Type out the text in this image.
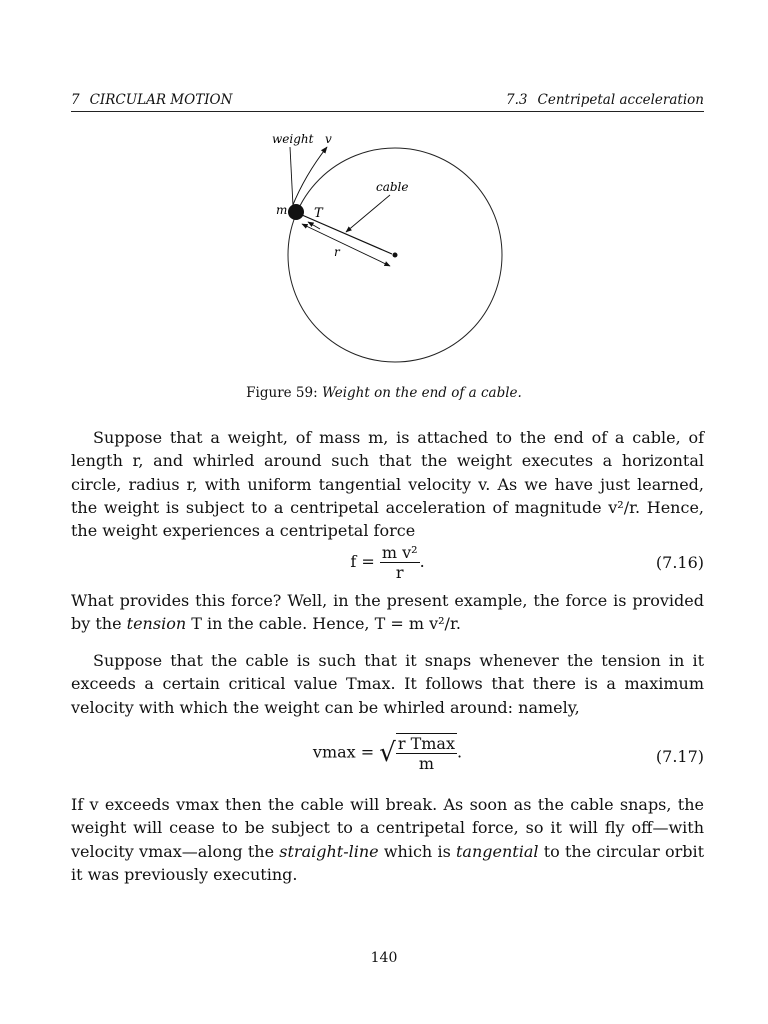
7 CIRCULAR MOTION	7.3 Centripetal acceleration
weight v
cable
m T
r
Figure 59: Weight on the end of a cable.

Suppose that a weight, of mass m, is attached to the end of a cable, of length r, and whirled around such that the weight executes a horizontal circle, radius r, with uniform tangential velocity v. As we have just learned, the weight is subject to a centripetal acceleration of magnitude v²/r. Hence, the weight experiences a centripetal force

$f = \frac{\text{m v²}}{r}$ .	(7.16)

What provides this force? Well, in the present example, the force is provided by the tension T in the cable. Hence, T = m v²/r.

Suppose that the cable is such that it snaps whenever the tension in it exceeds a certain critical value Tmax. It follows that there is a maximum velocity with which the weight can be whirled around: namely,

vmax = √ $\frac{\text{r Tmax}}{m}$ .	(7.17)

If v exceeds vmax then the cable will break. As soon as the cable snaps, the weight will cease to be subject to a centripetal force, so it will fly off—with velocity vmax—along the straight-line which is tangential to the circular orbit it was previously executing.

140
